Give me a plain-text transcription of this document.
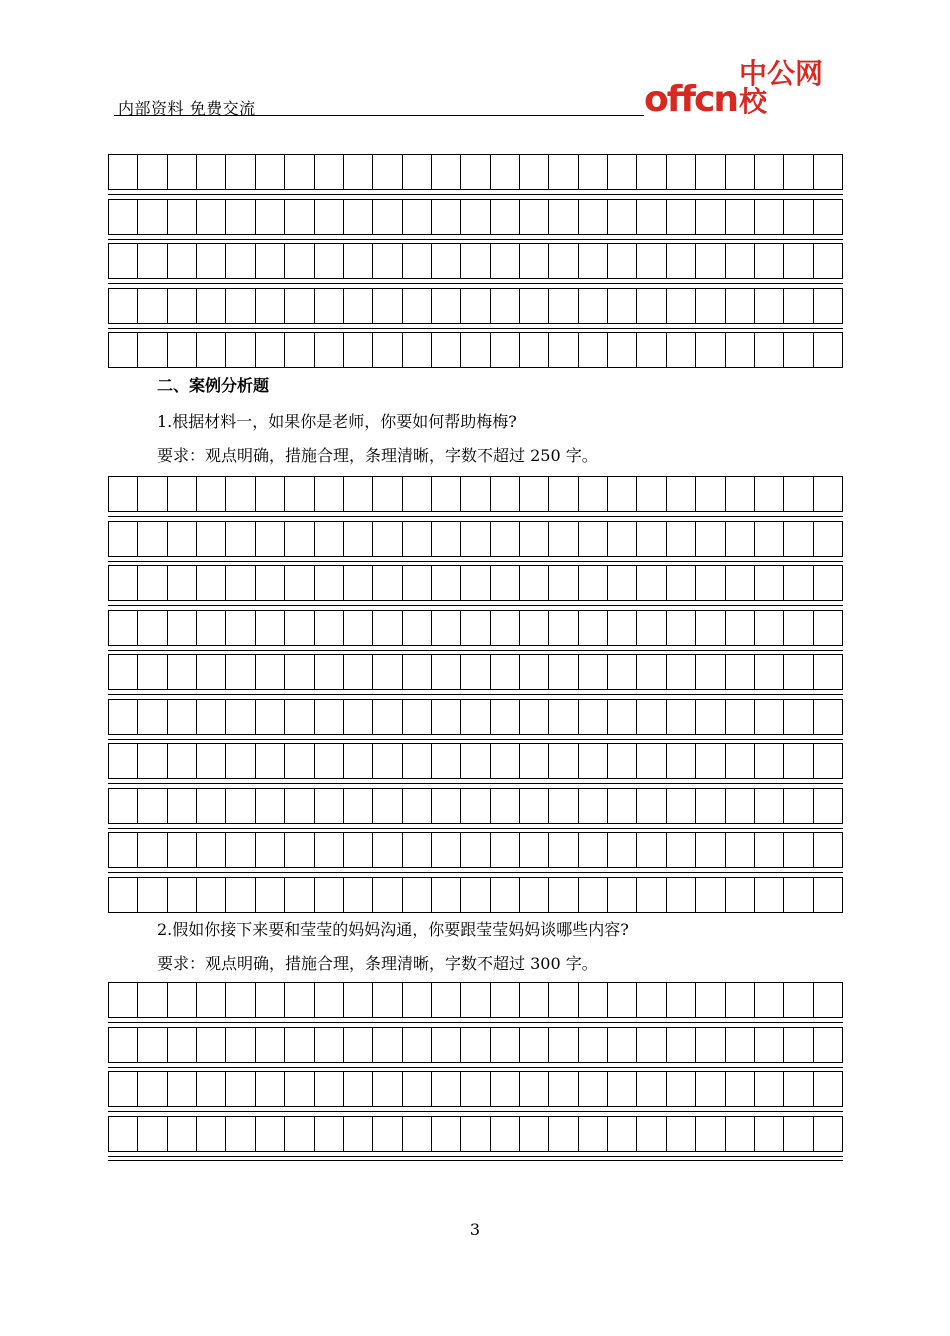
内部资料 免费交流	offcn
中公网校
二、案例分析题
1.根据材料一，如果你是老师，你要如何帮助梅梅?
要求：观点明确，措施合理，条理清晰，字数不超过 250 字。
2.假如你接下来要和莹莹的妈妈沟通，你要跟莹莹妈妈谈哪些内容?
要求：观点明确，措施合理，条理清晰，字数不超过 300 字。
3
